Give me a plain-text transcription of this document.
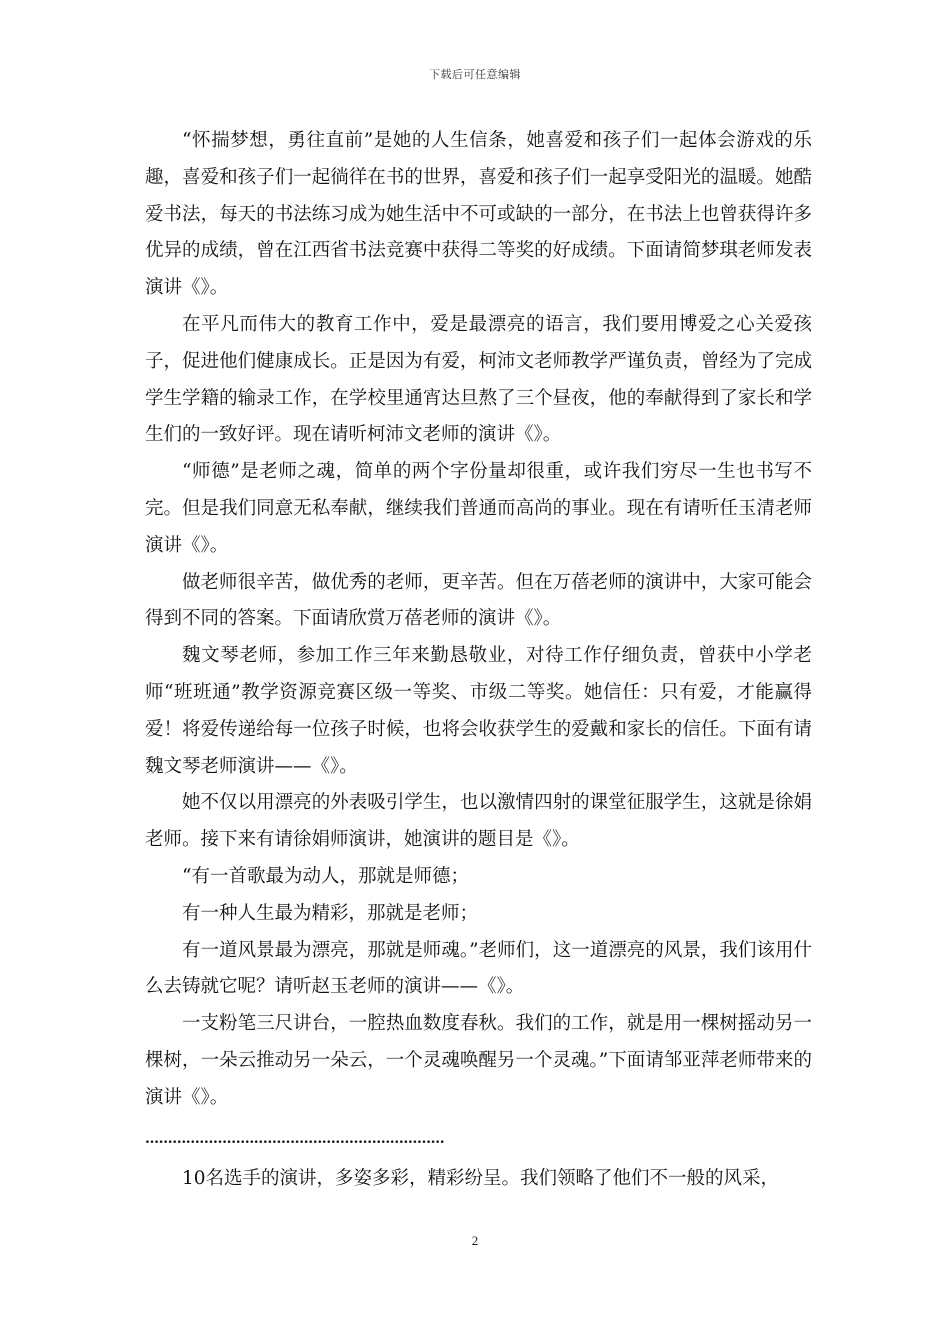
下载后可任意编辑

“怀揣梦想，勇往直前”是她的人生信条，她喜爱和孩子们一起体会游戏的乐趣，喜爱和孩子们一起徜徉在书的世界，喜爱和孩子们一起享受阳光的温暖。她酷爱书法，每天的书法练习成为她生活中不可或缺的一部分，在书法上也曾获得许多优异的成绩，曾在江西省书法竞赛中获得二等奖的好成绩。下面请简梦琪老师发表演讲《》。

在平凡而伟大的教育工作中，爱是最漂亮的语言，我们要用博爱之心关爱孩子，促进他们健康成长。正是因为有爱，柯沛文老师教学严谨负责，曾经为了完成学生学籍的输录工作，在学校里通宵达旦熬了三个昼夜，他的奉献得到了家长和学生们的一致好评。现在请听柯沛文老师的演讲《》。

“师德”是老师之魂，简单的两个字份量却很重，或许我们穷尽一生也书写不完。但是我们同意无私奉献，继续我们普通而高尚的事业。现在有请听任玉清老师演讲《》。

做老师很辛苦，做优秀的老师，更辛苦。但在万蓓老师的演讲中，大家可能会得到不同的答案。下面请欣赏万蓓老师的演讲《》。

魏文琴老师，参加工作三年来勤恳敬业，对待工作仔细负责，曾获中小学老师“班班通”教学资源竞赛区级一等奖、市级二等奖。她信任：只有爱，才能赢得爱！将爱传递给每一位孩子时候，也将会收获学生的爱戴和家长的信任。下面有请魏文琴老师演讲——《》。

她不仅以用漂亮的外表吸引学生，也以激情四射的课堂征服学生，这就是徐娟老师。接下来有请徐娟师演讲，她演讲的题目是《》。

“有一首歌最为动人，那就是师德；

有一种人生最为精彩，那就是老师；

有一道风景最为漂亮，那就是师魂。”老师们，这一道漂亮的风景，我们该用什么去铸就它呢？请听赵玉老师的演讲——《》。

一支粉笔三尺讲台，一腔热血数度春秋。我们的工作，就是用一棵树摇动另一棵树，一朵云推动另一朵云，一个灵魂唤醒另一个灵魂。”下面请邹亚萍老师带来的演讲《》。

…………………………………………………………

10名选手的演讲，多姿多彩，精彩纷呈。我们领略了他们不一般的风采，

2
